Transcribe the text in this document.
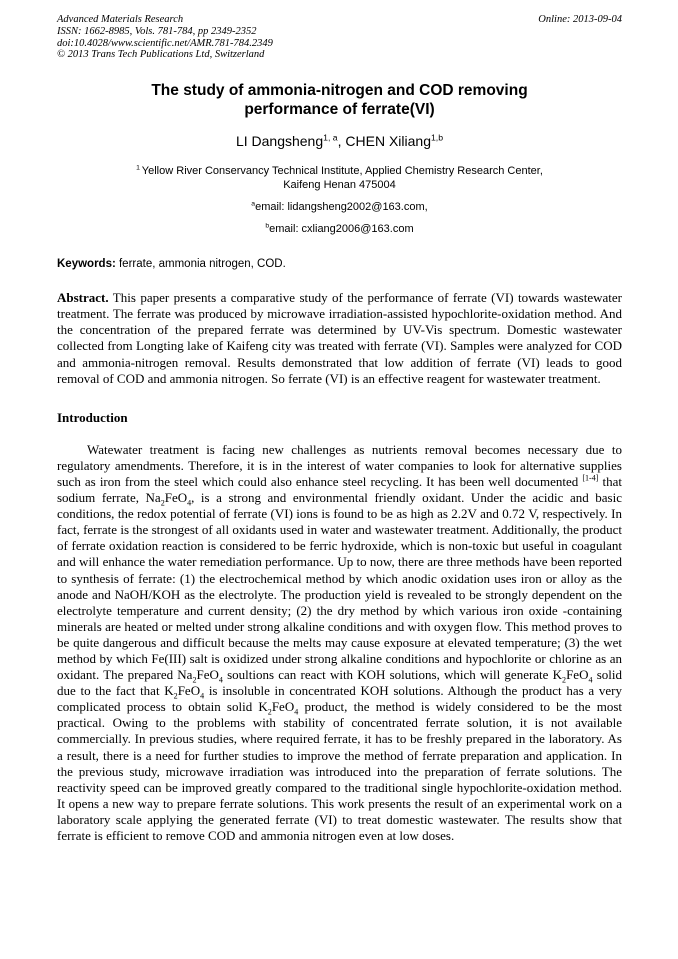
Advanced Materials Research
ISSN: 1662-8985, Vols. 781-784, pp 2349-2352
doi:10.4028/www.scientific.net/AMR.781-784.2349
© 2013 Trans Tech Publications Ltd, Switzerland
Online: 2013-09-04
The study of ammonia-nitrogen and COD removing
performance of ferrate(VI)
LI Dangsheng$^{1, a}$, CHEN Xiliang$^{1,b}$
$^1$ Yellow River Conservancy Technical Institute, Applied Chemistry Research Center,
Kaifeng Henan 475004
$^a$email: lidangsheng2002@163.com,
$^b$email: cxliang2006@163.com
Keywords: ferrate, ammonia nitrogen, COD.

Abstract. This paper presents a comparative study of the performance of ferrate (VI) towards wastewater treatment. The ferrate was produced by microwave irradiation-assisted hypochlorite-oxidation method. And the concentration of the prepared ferrate was determined by UV-Vis spectrum. Domestic wastewater collected from Longting lake of Kaifeng city was treated with ferrate (VI). Samples were analyzed for COD and ammonia-nitrogen removal. Results demonstrated that low addition of ferrate (VI) leads to good removal of COD and ammonia nitrogen. So ferrate (VI) is an effective reagent for wastewater treatment.

Introduction

Watewater treatment is facing new challenges as nutrients removal becomes necessary due to regulatory amendments. Therefore, it is in the interest of water companies to look for alternative supplies such as iron from the steel which could also enhance steel recycling. It has been well documented [1-4] that sodium ferrate, $Na_2FeO_4$, is a strong and environmental friendly oxidant. Under the acidic and basic conditions, the redox potential of ferrate (VI) ions is found to be as high as 2.2V and 0.72 V, respectively. In fact, ferrate is the strongest of all oxidants used in water and wastewater treatment. Additionally, the product of ferrate oxidation reaction is considered to be ferric hydroxide, which is non-toxic but useful in coagulant and will enhance the water remediation performance. Up to now, there are three methods have been reported to synthesis of ferrate: (1) the electrochemical method by which anodic oxidation uses iron or alloy as the anode and NaOH/KOH as the electrolyte. The production yield is revealed to be strongly dependent on the electrolyte temperature and current density; (2) the dry method by which various iron oxide -containing minerals are heated or melted under strong alkaline conditions and with oxygen flow. This method proves to be quite dangerous and difficult because the melts may cause exposure at elevated temperature; (3) the wet method by which Fe(III) salt is oxidized under strong alkaline conditions and hypochlorite or chlorine as an oxidant. The prepared $Na_2FeO_4$ soultions can react with KOH solutions, which will generate $K_2FeO_4$ solid due to the fact that $K_2FeO_4$ is insoluble in concentrated KOH solutions. Although the product has a very complicated process to obtain solid $K_2FeO_4$ product, the method is widely considered to be the most practical. Owing to the problems with stability of concentrated ferrate solution, it is not available commercially. In previous studies, where required ferrate, it has to be freshly prepared in the laboratory. As a result, there is a need for further studies to improve the method of ferrate preparation and application. In the previous study, microwave irradiation was introduced into the preparation of ferrate solutions. The reactivity speed can be improved greatly compared to the traditional single hypochlorite-oxidation method. It opens a new way to prepare ferrate solutions. This work presents the result of an experimental work on a laboratory scale applying the generated ferrate (VI) to treat domestic wastewater. The results show that ferrate is efficient to remove COD and ammonia nitrogen even at low doses.
